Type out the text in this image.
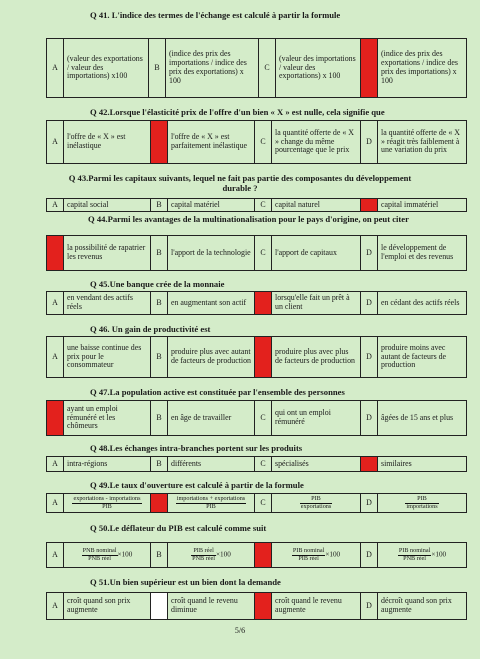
Q 41. L'indice des termes de l'échange est calculé à partir la formule
A	(valeur des exportations / valeur des importations) x100	B	(indice des prix des importations / indice des prix des exportations) x 100	C	(valeur des importations / valeur des exportations) x 100		(indice des prix des exportations / indice des prix des importations) x 100
Q 42.Lorsque l'élasticité prix de l'offre d'un bien « X » est nulle, cela signifie que
A	l'offre de « X » est inélastique		l'offre de « X » est parfaitement inélastique	C	la quantité offerte de « X » change du même pourcentage que le prix	D	la quantité offerte de « X » réagit très faiblement à une variation du prix
Q 43.Parmi les capitaux suivants, lequel ne fait pas partie des composantes du développement durable ?
A	capital social	B	capital matériel	C	capital naturel		capital immatériel
Q 44.Parmi les avantages de la multinationalisation pour le pays d'origine, on peut citer
	la possibilité de rapatrier les revenus	B	l'apport de la technologie	C	l'apport de capitaux	D	le développement de l'emploi et des revenus
Q 45.Une banque crée de la monnaie
A	en vendant des actifs réels	B	en augmentant son actif		lorsqu'elle fait un prêt à un client	D	en cédant des actifs réels
Q 46. Un gain de productivité est
A	une baisse continue des prix pour le consommateur	B	produire plus avec autant de facteurs de production		produire plus avec plus de facteurs de production	D	produire moins avec autant de facteurs de production
Q 47.La population active est constituée par l'ensemble des personnes
	ayant un emploi rémunéré et les chômeurs	B	en âge de travailler	C	qui ont un emploi rémunéré	D	âgées de 15 ans et plus
Q 48.Les échanges intra-branches portent sur les produits
A	intra-régions	B	différents	C	spécialisés		similaires
Q 49.Le taux d'ouverture est calculé à partir de la formule
A	$\frac{\text{exportations - importations}}{\text{PIB}}$		$\frac{\text{importations + exportations}}{\text{PIB}}$	C	$\frac{\text{PIB}}{\text{exportations}}$	D	$\frac{\text{PIB}}{\text{importations}}$
Q 50.Le déflateur du PIB est calculé comme suit
A	$\frac{\text{PNB nominal}}{\text{PNB réel}} \times 100$	B	$\frac{\text{PIB réel}}{\text{PNB réel}} \times 100$		$\frac{\text{PIB nominal}}{\text{PIB réel}} \times 100$	D	$\frac{\text{PIB nominal}}{\text{PNB réel}} \times 100$
Q 51.Un bien supérieur est un bien dont la demande
A	croît quand son prix augmente		croît quand le revenu diminue		croît quand le revenu augmente	D	décroît quand son prix augmente
5/6
